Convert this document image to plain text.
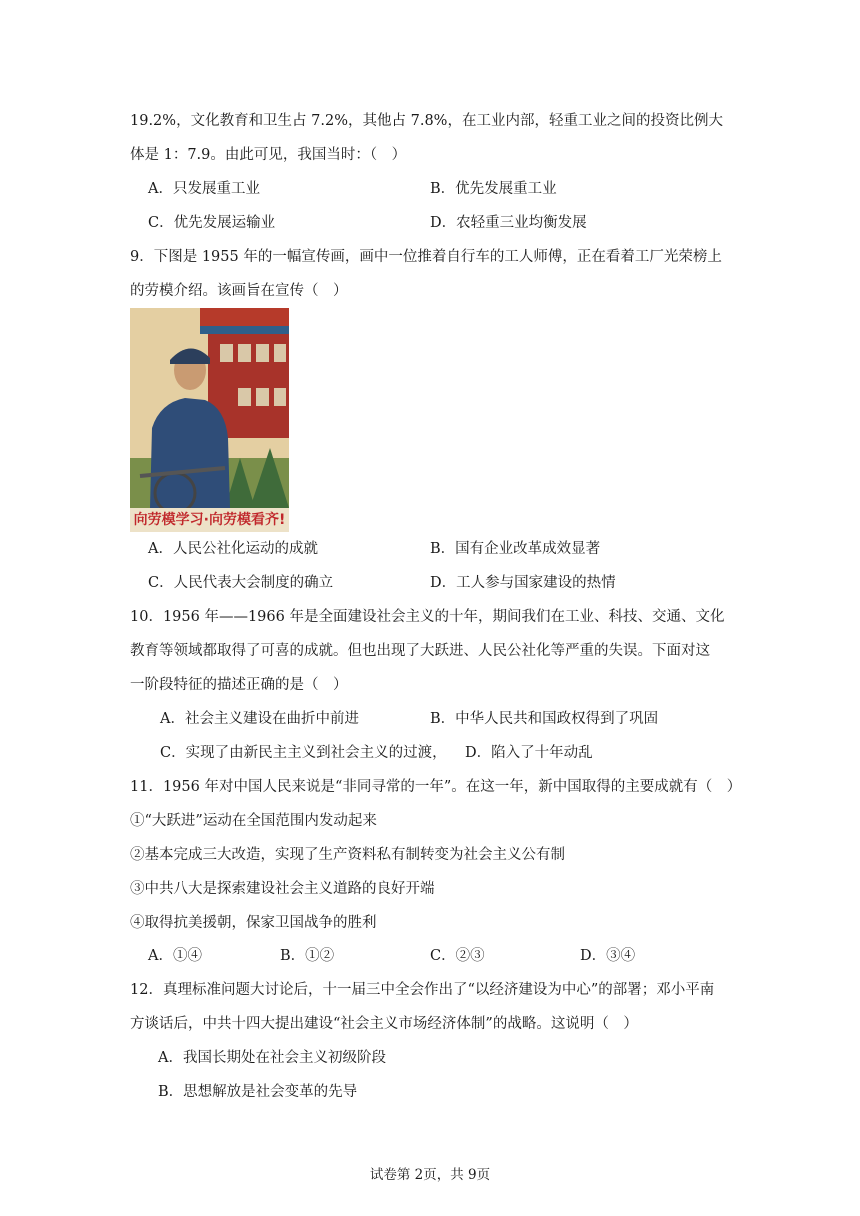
19.2%，文化教育和卫生占 7.2%，其他占 7.8%，在工业内部，轻重工业之间的投资比例大
体是 1：7.9。由此可见，我国当时：（　）
A．只发展重工业	B．优先发展重工业
C．优先发展运输业	D．农轻重三业均衡发展
9．下图是 1955 年的一幅宣传画，画中一位推着自行车的工人师傅，正在看着工厂光荣榜上
的劳模介绍。该画旨在宣传（　）
向劳模学习·向劳模看齐!
A．人民公社化运动的成就	B．国有企业改革成效显著
C．人民代表大会制度的确立	D．工人参与国家建设的热情
10．1956 年——1966 年是全面建设社会主义的十年，期间我们在工业、科技、交通、文化
教育等领域都取得了可喜的成就。但也出现了大跃进、人民公社化等严重的失误。下面对这
一阶段特征的描述正确的是（　）
A．社会主义建设在曲折中前进	B．中华人民共和国政权得到了巩固
C．实现了由新民主主义到社会主义的过渡， D．陷入了十年动乱
11．1956 年对中国人民来说是“非同寻常的一年”。在这一年，新中国取得的主要成就有（　）
①“大跃进”运动在全国范围内发动起来
②基本完成三大改造，实现了生产资料私有制转变为社会主义公有制
③中共八大是探索建设社会主义道路的良好开端
④取得抗美援朝，保家卫国战争的胜利
A．①④	B．①②	C．②③	D．③④
12．真理标准问题大讨论后，十一届三中全会作出了“以经济建设为中心”的部署；邓小平南
方谈话后，中共十四大提出建设“社会主义市场经济体制”的战略。这说明（　）
A．我国长期处在社会主义初级阶段
B．思想解放是社会变革的先导
试卷第 2页，共 9页
